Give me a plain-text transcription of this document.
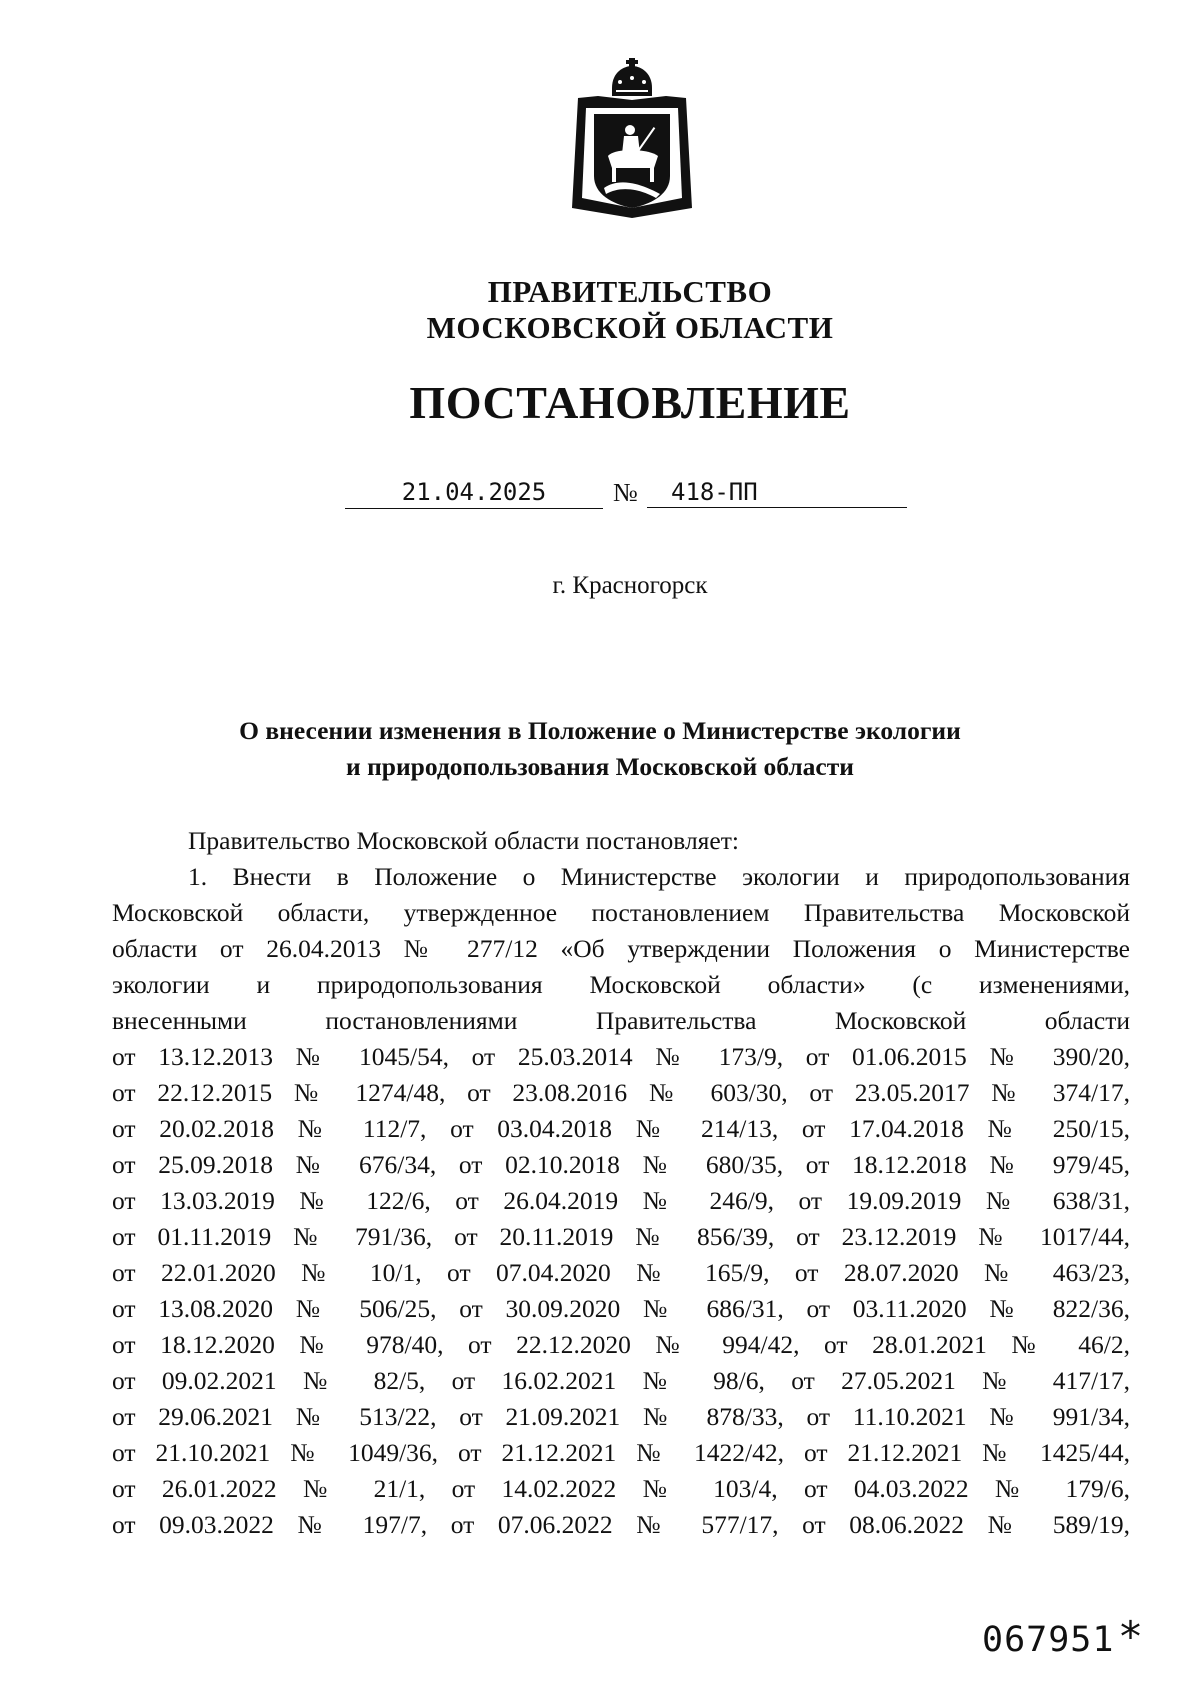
ПРАВИТЕЛЬСТВО
МОСКОВСКОЙ ОБЛАСТИ
ПОСТАНОВЛЕНИЕ
21.04.2025	№	418-ПП
г. Красногорск
О внесении изменения в Положение о Министерстве экологии
и природопользования Московской области
Правительство Московской области постановляет:
1. Внести в Положение о Министерстве экологии и природопользования
Московской области, утвержденное постановлением Правительства Московской
области от 26.04.2013 № 277/12 «Об утверждении Положения о Министерстве
экологии и природопользования Московской области» (с изменениями,
внесенными постановлениями Правительства Московской области
от 13.12.2013 № 1045/54, от 25.03.2014 № 173/9, от 01.06.2015 № 390/20,
от 22.12.2015 № 1274/48, от 23.08.2016 № 603/30, от 23.05.2017 № 374/17,
от 20.02.2018 № 112/7, от 03.04.2018 № 214/13, от 17.04.2018 № 250/15,
от 25.09.2018 № 676/34, от 02.10.2018 № 680/35, от 18.12.2018 № 979/45,
от 13.03.2019 № 122/6, от 26.04.2019 № 246/9, от 19.09.2019 № 638/31,
от 01.11.2019 № 791/36, от 20.11.2019 № 856/39, от 23.12.2019 № 1017/44,
от 22.01.2020 № 10/1, от 07.04.2020 № 165/9, от 28.07.2020 № 463/23,
от 13.08.2020 № 506/25, от 30.09.2020 № 686/31, от 03.11.2020 № 822/36,
от 18.12.2020 № 978/40, от 22.12.2020 № 994/42, от 28.01.2021 № 46/2,
от 09.02.2021 № 82/5, от 16.02.2021 № 98/6, от 27.05.2021 № 417/17,
от 29.06.2021 № 513/22, от 21.09.2021 № 878/33, от 11.10.2021 № 991/34,
от 21.10.2021 № 1049/36, от 21.12.2021 № 1422/42, от 21.12.2021 № 1425/44,
от 26.01.2022 № 21/1, от 14.02.2022 № 103/4, от 04.03.2022 № 179/6,
от 09.03.2022 № 197/7, от 07.06.2022 № 577/17, от 08.06.2022 № 589/19,
067951 *
